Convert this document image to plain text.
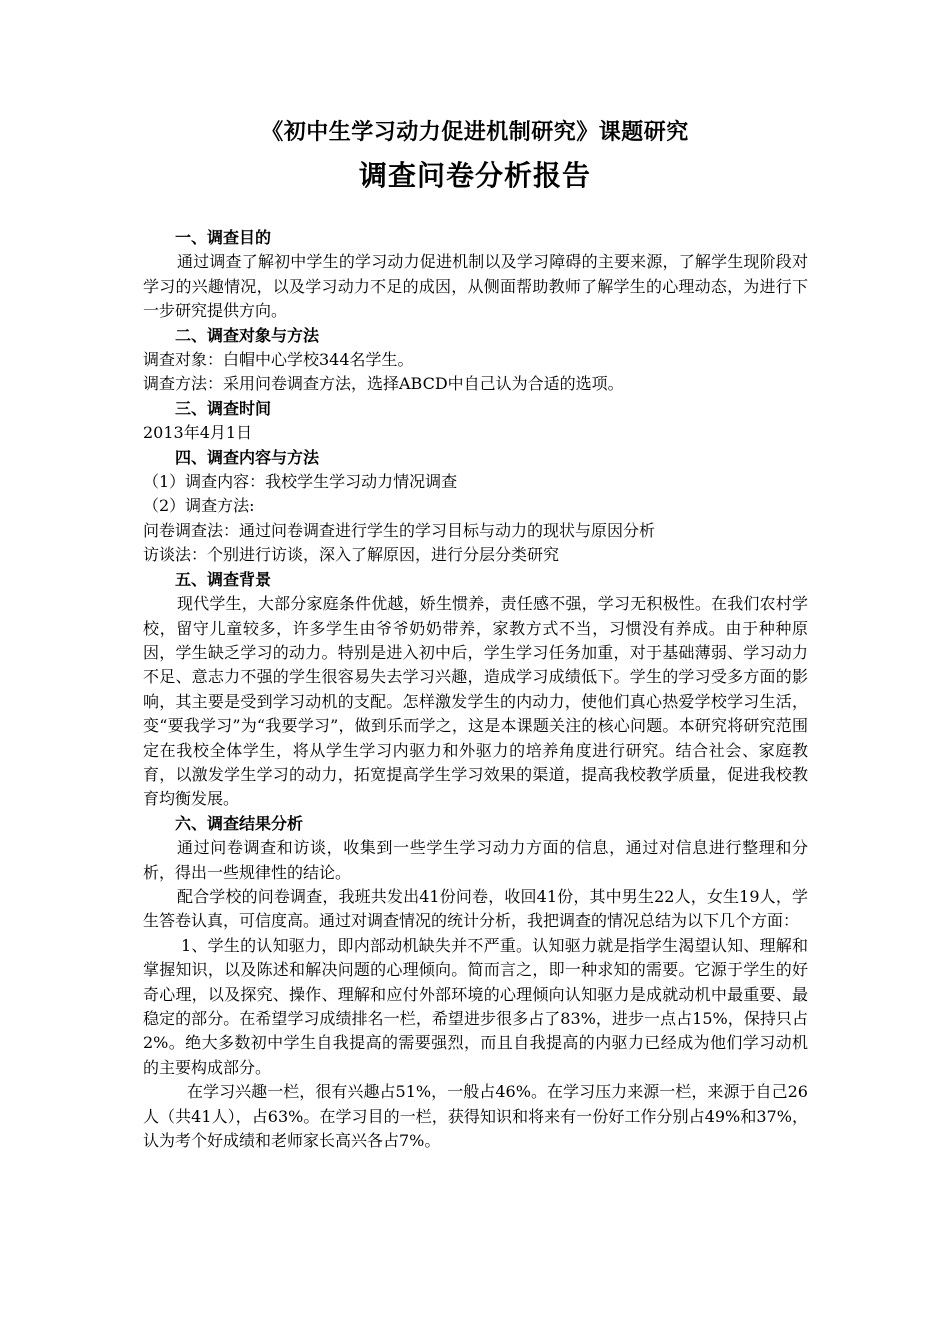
《初中生学习动力促进机制研究》课题研究
调查问卷分析报告

一、调查目的

通过调查了解初中学生的学习动力促进机制以及学习障碍的主要来源，了解学生现阶段对学习的兴趣情况，以及学习动力不足的成因，从侧面帮助教师了解学生的心理动态，为进行下一步研究提供方向。

二、调查对象与方法

调查对象：白帽中心学校344名学生。

调查方法：采用问卷调查方法，选择ABCD中自己认为合适的选项。

三、调查时间

2013年4月1日

四、调查内容与方法

（1）调查内容：我校学生学习动力情况调查

（2）调查方法:

问卷调查法：通过问卷调查进行学生的学习目标与动力的现状与原因分析

访谈法：个别进行访谈，深入了解原因，进行分层分类研究

五、调查背景

现代学生，大部分家庭条件优越，娇生惯养，责任感不强，学习无积极性。在我们农村学校，留守儿童较多，许多学生由爷爷奶奶带养，家教方式不当，习惯没有养成。由于种种原因，学生缺乏学习的动力。特别是进入初中后，学生学习任务加重，对于基础薄弱、学习动力不足、意志力不强的学生很容易失去学习兴趣，造成学习成绩低下。学生的学习受多方面的影响，其主要是受到学习动机的支配。怎样激发学生的内动力，使他们真心热爱学校学习生活，变“要我学习”为“我要学习”，做到乐而学之，这是本课题关注的核心问题。本研究将研究范围定在我校全体学生，将从学生学习内驱力和外驱力的培养角度进行研究。结合社会、家庭教育，以激发学生学习的动力，拓宽提高学生学习效果的渠道，提高我校教学质量，促进我校教育均衡发展。

六、调查结果分析

通过问卷调查和访谈，收集到一些学生学习动力方面的信息，通过对信息进行整理和分析，得出一些规律性的结论。

配合学校的问卷调查，我班共发出41份问卷，收回41份，其中男生22人，女生19人，学生答卷认真，可信度高。通过对调查情况的统计分析，我把调查的情况总结为以下几个方面：

1、学生的认知驱力，即内部动机缺失并不严重。认知驱力就是指学生渴望认知、理解和掌握知识，以及陈述和解决问题的心理倾向。简而言之，即一种求知的需要。它源于学生的好奇心理，以及探究、操作、理解和应付外部环境的心理倾向认知驱力是成就动机中最重要、最稳定的部分。在希望学习成绩排名一栏，希望进步很多占了83%，进步一点占15%，保持只占2%。绝大多数初中学生自我提高的需要强烈，而且自我提高的内驱力已经成为他们学习动机的主要构成部分。

在学习兴趣一栏，很有兴趣占51%，一般占46%。在学习压力来源一栏，来源于自己26人（共41人），占63%。在学习目的一栏，获得知识和将来有一份好工作分别占49%和37%，认为考个好成绩和老师家长高兴各占7%。
